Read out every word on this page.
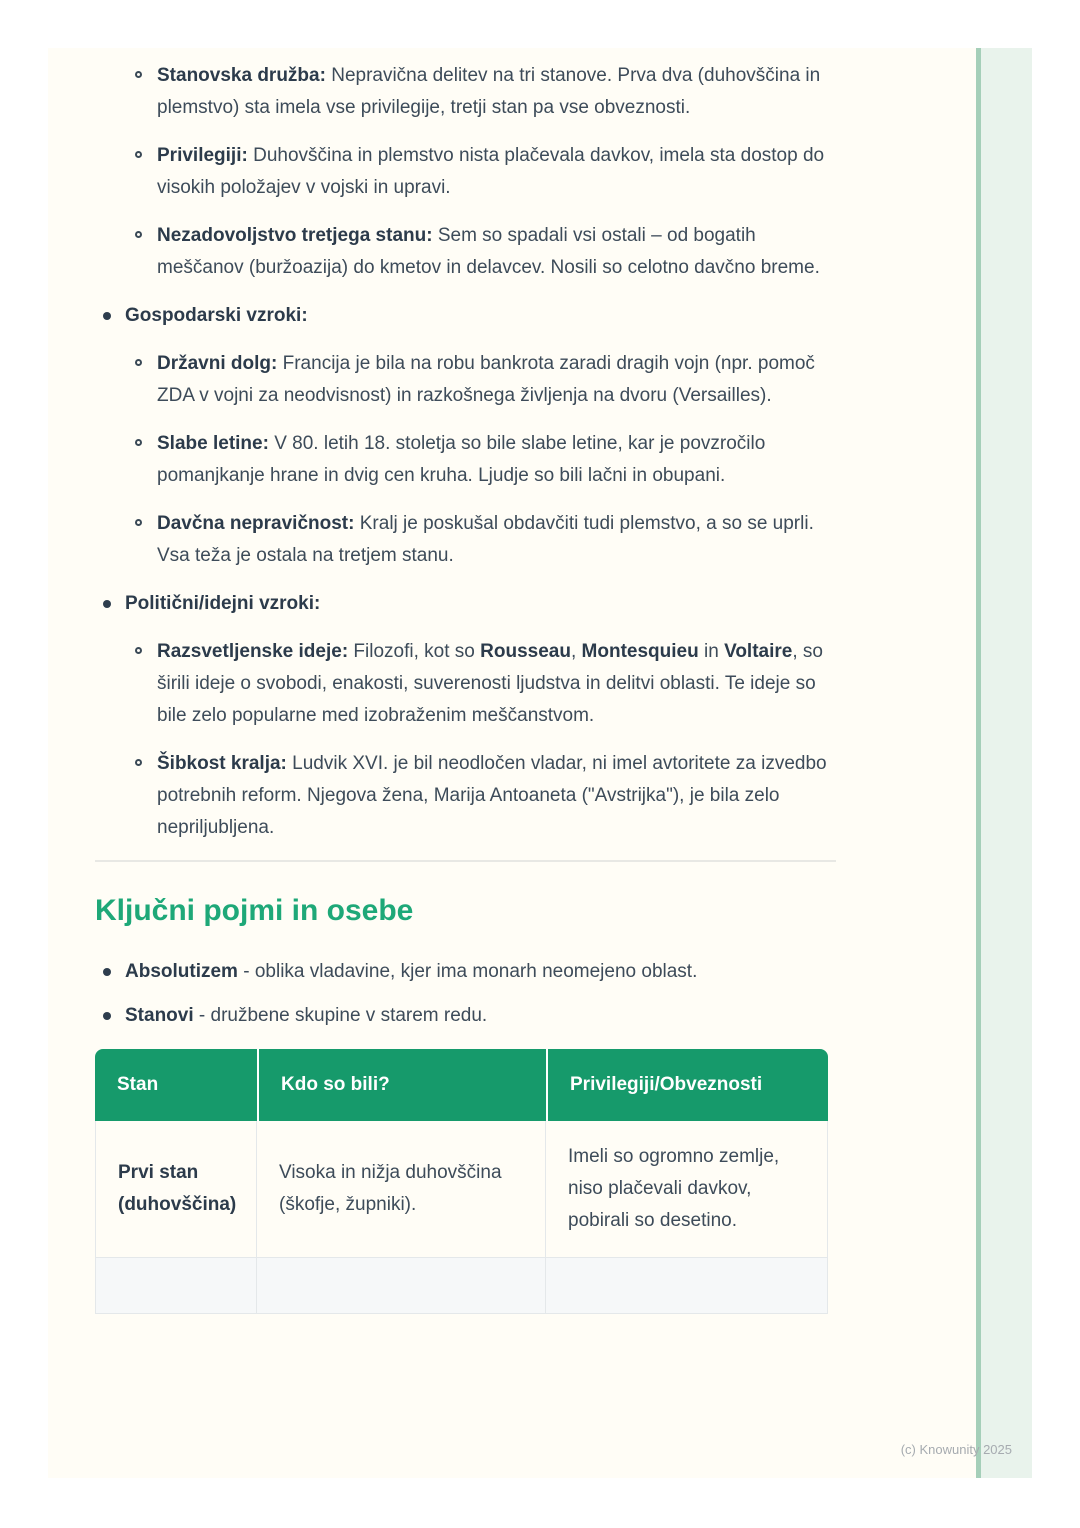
Stanovska družba: Nepravična delitev na tri stanove. Prva dva (duhovščina in plemstvo) sta imela vse privilegije, tretji stan pa vse obveznosti.
Privilegiji: Duhovščina in plemstvo nista plačevala davkov, imela sta dostop do visokih položajev v vojski in upravi.
Nezadovoljstvo tretjega stanu: Sem so spadali vsi ostali – od bogatih meščanov (buržoazija) do kmetov in delavcev. Nosili so celotno davčno breme.
Gospodarski vzroki:
Državni dolg: Francija je bila na robu bankrota zaradi dragih vojn (npr. pomoč ZDA v vojni za neodvisnost) in razkošnega življenja na dvoru (Versailles).
Slabe letine: V 80. letih 18. stoletja so bile slabe letine, kar je povzročilo pomanjkanje hrane in dvig cen kruha. Ljudje so bili lačni in obupani.
Davčna nepravičnost: Kralj je poskušal obdavčiti tudi plemstvo, a so se uprli. Vsa teža je ostala na tretjem stanu.
Politični/idejni vzroki:
Razsvetljenske ideje: Filozofi, kot so Rousseau, Montesquieu in Voltaire, so širili ideje o svobodi, enakosti, suverenosti ljudstva in delitvi oblasti. Te ideje so bile zelo popularne med izobraženim meščanstvom.
Šibkost kralja: Ludvik XVI. je bil neodločen vladar, ni imel avtoritete za izvedbo potrebnih reform. Njegova žena, Marija Antoaneta ("Avstrijka"), je bila zelo nepriljubljena.
Ključni pojmi in osebe
Absolutizem - oblika vladavine, kjer ima monarh neomejeno oblast.
Stanovi - družbene skupine v starem redu.
Stan	Kdo so bili?	Privilegiji/Obveznosti
Prvi stan (duhovščina)	Visoka in nižja duhovščina (škofje, župniki).	Imeli so ogromno zemlje, niso plačevali davkov, pobirali so desetino.

(c) Knowunity 2025
